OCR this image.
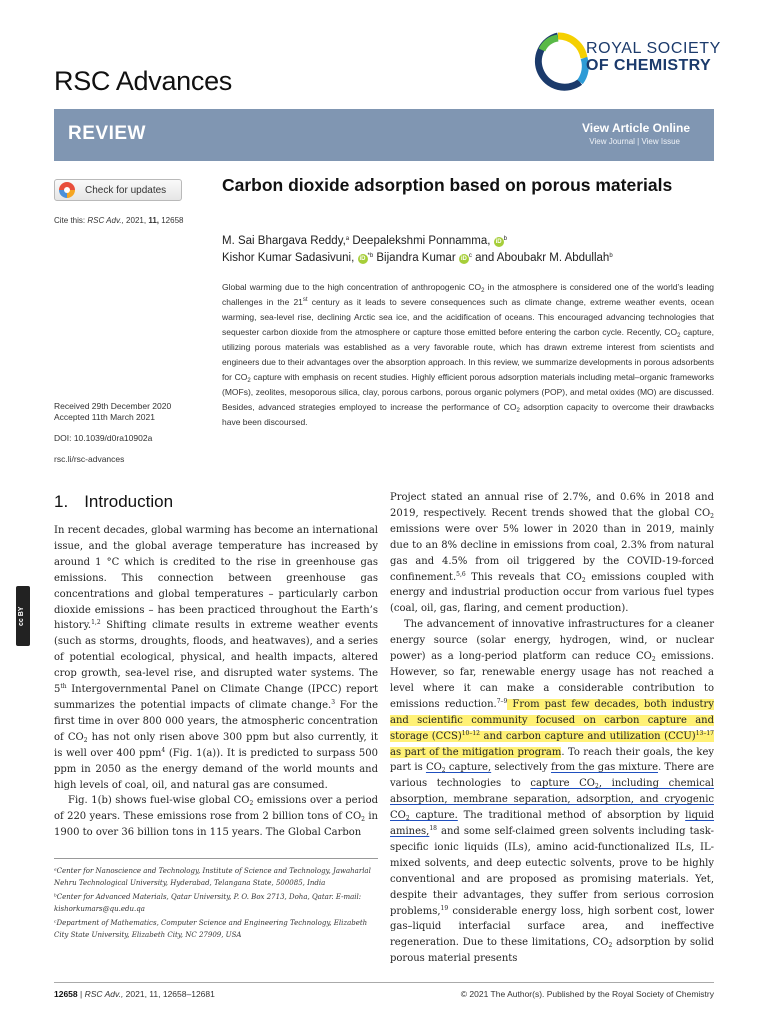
RSC Advances
ROYAL SOCIETY
OF CHEMISTRY
REVIEW	View Article Online
View Journal | View Issue
Check for updates
Cite this: RSC Adv., 2021, 11, 12658
Received 29th December 2020
Accepted 11th March 2021
DOI: 10.1039/d0ra10902a
rsc.li/rsc-advances
Carbon dioxide adsorption based on porous materials
M. Sai Bhargava Reddy,$^a$ Deepalekshmi Ponnamma, iD $^b$
Kishor Kumar Sadasivuni, iD $^{*b}$ Bijandra Kumar iD $^c$ and Aboubakr M. Abdullah$^b$
Global warming due to the high concentration of anthropogenic $CO_2$ in the atmosphere is considered one of the world’s leading challenges in the 21st century as it leads to severe consequences such as climate change, extreme weather events, ocean warming, sea-level rise, declining Arctic sea ice, and the acidification of oceans. This encouraged advancing technologies that sequester carbon dioxide from the atmosphere or capture those emitted before entering the carbon cycle. Recently, $CO_2$ capture, utilizing porous materials was established as a very favorable route, which has drawn extreme interest from scientists and engineers due to their advantages over the absorption approach. In this review, we summarize developments in porous adsorbents for $CO_2$ capture with emphasis on recent studies. Highly efficient porous adsorption materials including metal–organic frameworks (MOFs), zeolites, mesoporous silica, clay, porous carbons, porous organic polymers (POP), and metal oxides (MO) are discussed. Besides, advanced strategies employed to increase the performance of $CO_2$ adsorption capacity to overcome their drawbacks have been discoursed.
1. Introduction
cc BY

In recent decades, global warming has become an international issue, and the global average temperature has increased by around 1 °C which is credited to the rise in greenhouse gas emissions. This connection between greenhouse gas concentrations and global temperatures – particularly carbon dioxide emissions – has been practiced throughout the Earth’s history.$^{1,2}$ Shifting climate results in extreme weather events (such as storms, droughts, floods, and heatwaves), and a series of potential ecological, physical, and health impacts, altered crop growth, sea-level rise, and disrupted water systems. The 5th Intergovernmental Panel on Climate Change (IPCC) report summarizes the potential impacts of climate change.$^3$ For the first time in over 800 000 years, the atmospheric concentration of $CO_2$ has not only risen above 300 ppm but also currently, it is well over 400 ppm$^4$ (Fig. 1(a)). It is predicted to surpass 500 ppm in 2050 as the energy demand of the world mounts and high levels of coal, oil, and natural gas are consumed.

Fig. 1(b) shows fuel-wise global $CO_2$ emissions over a period of 220 years. These emissions rose from 2 billion tons of $CO_2$ in 1900 to over 36 billion tons in 115 years. The Global Carbon

ᵃCenter for Nanoscience and Technology, Institute of Science and Technology, Jawaharlal Nehru Technological University, Hyderabad, Telangana State, 500085, India

ᵇCenter for Advanced Materials, Qatar University, P. O. Box 2713, Doha, Qatar. E-mail: kishorkumars@qu.edu.qa

ᶜDepartment of Mathematics, Computer Science and Engineering Technology, Elizabeth City State University, Elizabeth City, NC 27909, USA

Project stated an annual rise of 2.7%, and 0.6% in 2018 and 2019, respectively. Recent trends showed that the global $CO_2$ emissions were over 5% lower in 2020 than in 2019, mainly due to an 8% decline in emissions from coal, 2.3% from natural gas and 4.5% from oil triggered by the COVID-19-forced confinement.$^{5,6}$ This reveals that $CO_2$ emissions coupled with energy and industrial production occur from various fuel types (coal, oil, gas, flaring, and cement production).

The advancement of innovative infrastructures for a cleaner energy source (solar energy, hydrogen, wind, or nuclear power) as a long-period platform can reduce $CO_2$ emissions. However, so far, renewable energy usage has not reached a level where it can make a considerable contribution to emissions reduction.$^{7-9}$ From past few decades, both industry and scientific community focused on carbon capture and storage (CCS)$^{10-12}$ and carbon capture and utilization (CCU)$^{13-17}$ as part of the mitigation program. To reach their goals, the key part is $CO_2$ capture, selectively from the gas mixture. There are various technologies to capture $CO_2$, including chemical absorption, membrane separation, adsorption, and cryogenic $CO_2$ capture. The traditional method of absorption by liquid amines,$^{18}$ and some self-claimed green solvents including task-specific ionic liquids (ILs), amino acid-functionalized ILs, IL-mixed solvents, and deep eutectic solvents, prove to be highly conventional and are proposed as promising materials. Yet, despite their advantages, they suffer from serious corrosion problems,$^{19}$ considerable energy loss, high sorbent cost, lower gas–liquid interfacial surface area, and ineffective regeneration. Due to these limitations, $CO_2$ adsorption by solid porous material presents

12658 | RSC Adv., 2021, 11, 12658–12681	© 2021 The Author(s). Published by the Royal Society of Chemistry
